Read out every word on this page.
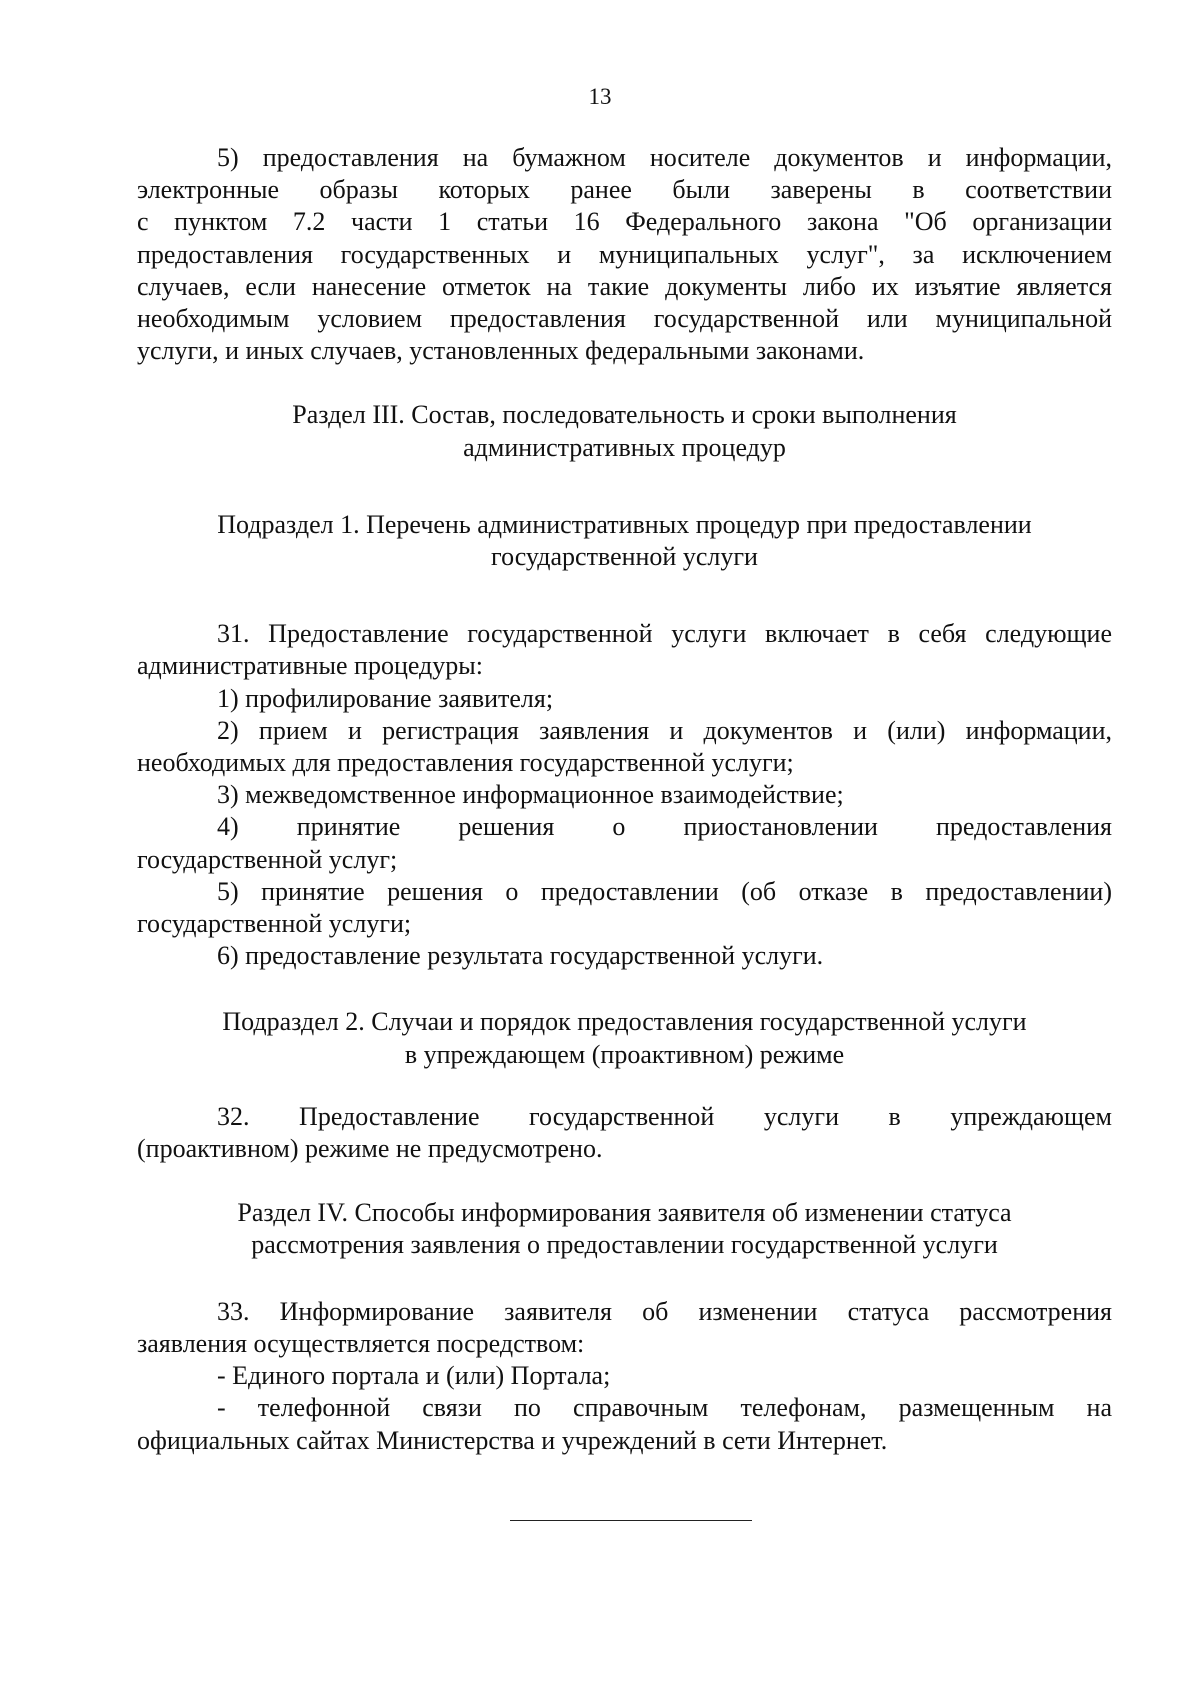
13

5) предоставления на бумажном носителе документов и информации,

электронные образы которых ранее были заверены в соответствии

с пунктом 7.2 части 1 статьи 16 Федерального закона "Об организации

предоставления государственных и муниципальных услуг", за исключением

случаев, если нанесение отметок на такие документы либо их изъятие является

необходимым условием предоставления государственной или муниципальной

услуги, и иных случаев, установленных федеральными законами.

Раздел III. Состав, последовательность и сроки выполнения

административных процедур

Подраздел 1. Перечень административных процедур при предоставлении

государственной услуги

31. Предоставление государственной услуги включает в себя следующие

административные процедуры:

1) профилирование заявителя;

2) прием и регистрация заявления и документов и (или) информации,

необходимых для предоставления государственной услуги;

3) межведомственное информационное взаимодействие;

4) принятие решения о приостановлении предоставления

государственной услуг;

5) принятие решения о предоставлении (об отказе в предоставлении)

государственной услуги;

6) предоставление результата государственной услуги.

Подраздел 2. Случаи и порядок предоставления государственной услуги

в упреждающем (проактивном) режиме

32. Предоставление государственной услуги в упреждающем

(проактивном) режиме не предусмотрено.

Раздел IV. Способы информирования заявителя об изменении статуса

рассмотрения заявления о предоставлении государственной услуги

33. Информирование заявителя об изменении статуса рассмотрения

заявления осуществляется посредством:

- Единого портала и (или) Портала;

- телефонной связи по справочным телефонам, размещенным на

официальных сайтах Министерства и учреждений в сети Интернет.
